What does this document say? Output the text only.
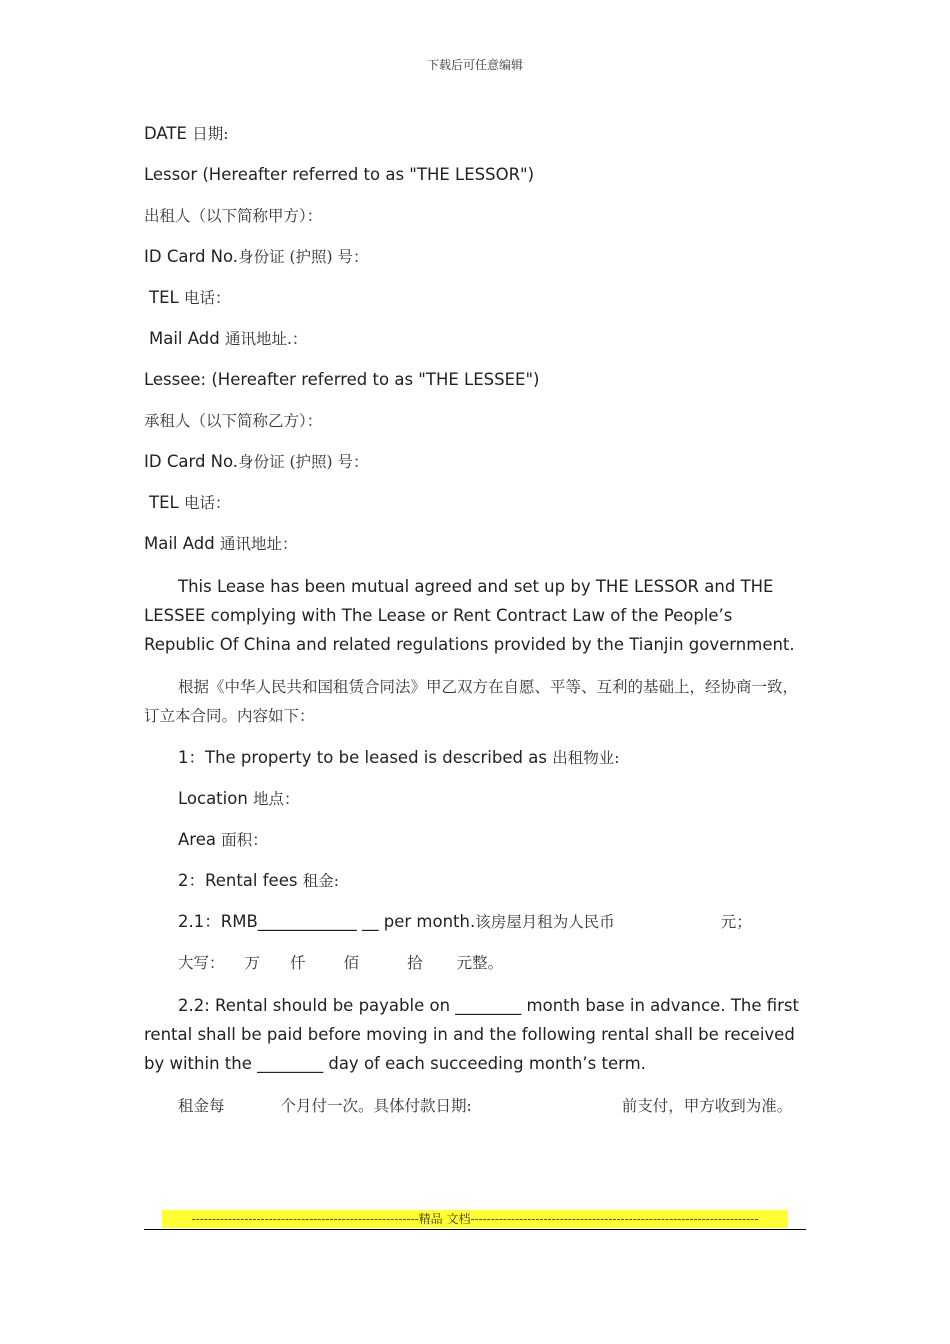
下载后可任意编辑

DATE 日期:

Lessor (Hereafter referred to as "THE LESSOR")

出租人（以下简称甲方）：

ID Card No.身份证 (护照) 号：

TEL 电话：

Mail Add 通讯地址.：

Lessee: (Hereafter referred to as "THE LESSEE")

承租人（以下简称乙方）：

ID Card No.身份证 (护照) 号：

TEL 电话：

Mail Add 通讯地址：

This Lease has been mutual agreed and set up by THE LESSOR and THE LESSEE complying with The Lease or Rent Contract Law of the People’s Republic Of China and related regulations provided by the Tianjin government.

根据《中华人民共和国租赁合同法》甲乙双方在自愿、平等、互利的基础上，经协商一致，订立本合同。内容如下：

1：The property to be leased is described as 出租物业:

Location 地点：

Area 面积：

2：Rental fees 租金:

2.1：RMB____________ __ per month.该房屋月租为人民币	元；

大写： 万 仟 佰	拾 元整。

2.2: Rental should be payable on ________ month base in advance. The first rental shall be paid before moving in and the following rental shall be received by within the ________ day of each succeeding month’s term.

租金每	个月付一次。具体付款日期:	前支付，甲方收到为准。

--------------------------------------------------------精品 文档-----------------------------------------------------------------------
